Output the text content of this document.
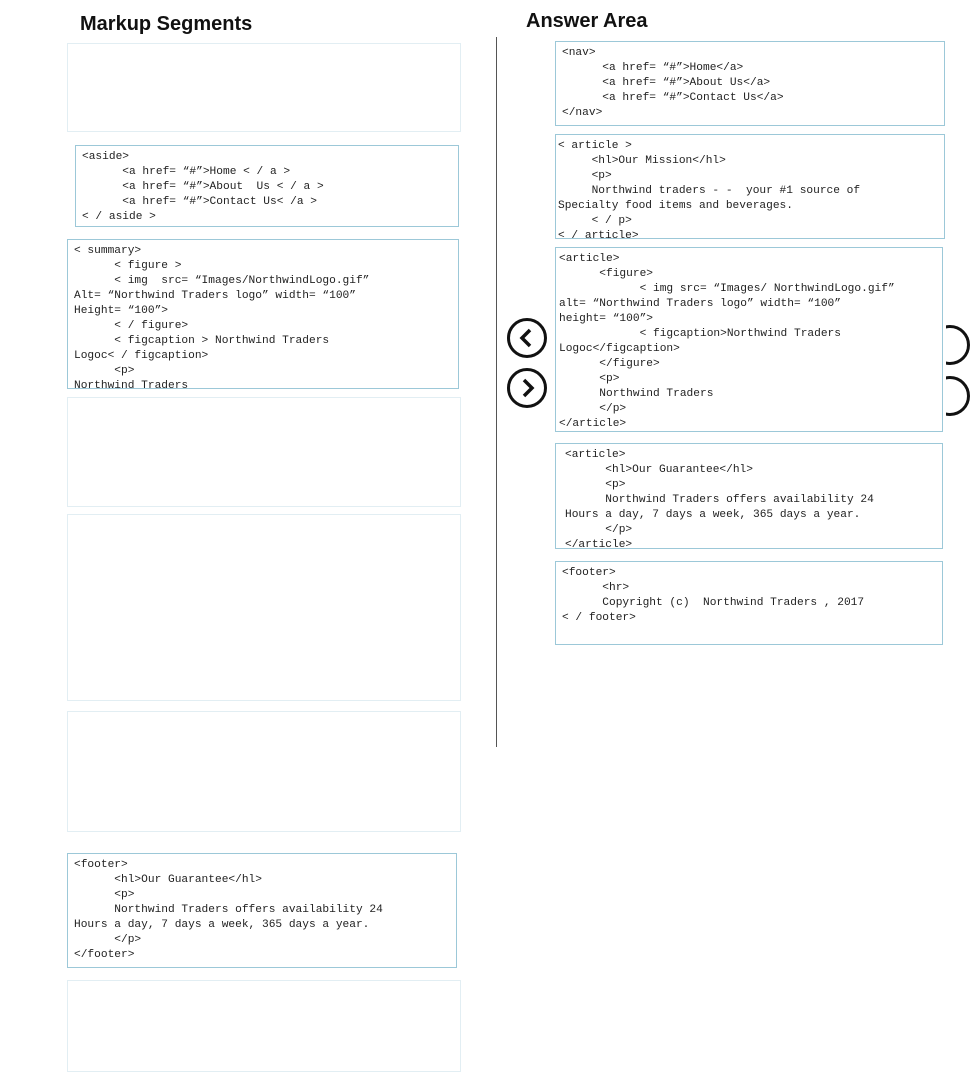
Markup Segments	Answer Area
<aside>
<a href= “#”>Home < / a >
<a href= “#”>About  Us < / a >
<a href= “#”>Contact Us< /a >
< / aside >
< summary>
< figure >
< img  src= “Images/NorthwindLogo.gif”
Alt= “Northwind Traders logo” width= “100”
Height= “100”>
< / figure>
< figcaption > Northwind Traders
Logoc< / figcaption>
<p>
Northwind Traders
<footer>
<hl>Our Guarantee</hl>
<p>
Northwind Traders offers availability 24
Hours a day, 7 days a week, 365 days a year.
</p>
</footer>
<nav>
<a href= “#”>Home</a>
<a href= “#”>About Us</a>
<a href= “#”>Contact Us</a>
</nav>
< article >
<hl>Our Mission</hl>
<p>
Northwind traders - -  your #1 source of
Specialty food items and beverages.
< / p>
< / article>
<article>
<figure>
< img src= “Images/ NorthwindLogo.gif”
alt= “Northwind Traders logo” width= “100”
height= “100”>
< figcaption>Northwind Traders
Logoc</figcaption>
</figure>
<p>
Northwind Traders
</p>
</article>
<article>
<hl>Our Guarantee</hl>
<p>
Northwind Traders offers availability 24
Hours a day, 7 days a week, 365 days a year.
</p>
</article>
<footer>
<hr>
Copyright (c)  Northwind Traders , 2017
< / footer>
